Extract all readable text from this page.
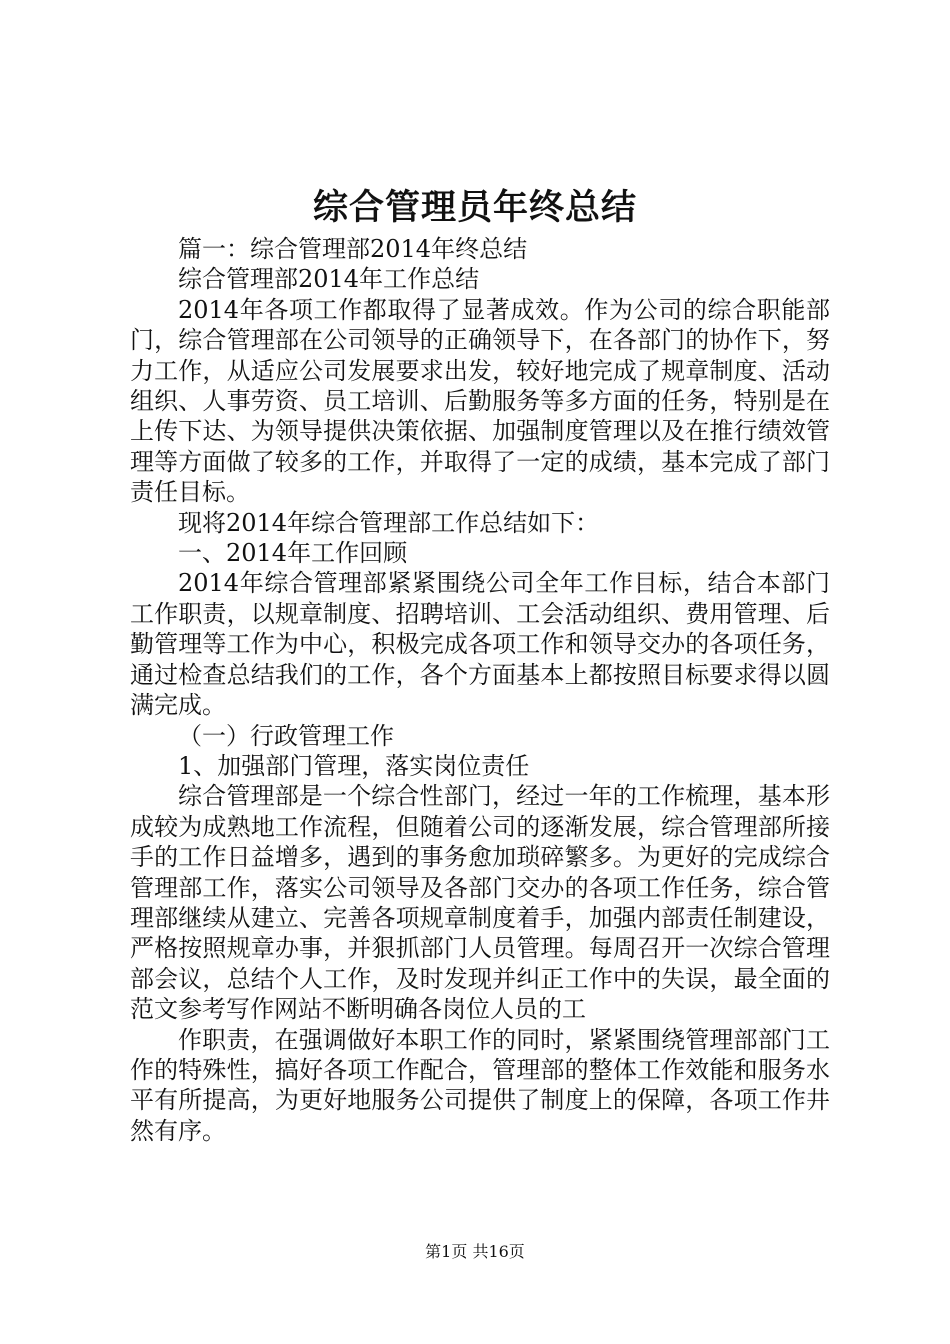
综合管理员年终总结

篇一：综合管理部2014年终总结

综合管理部2014年工作总结

2014年各项工作都取得了显著成效。作为公司的综合职能部门，综合管理部在公司领导的正确领导下，在各部门的协作下，努力工作，从适应公司发展要求出发，较好地完成了规章制度、活动组织、人事劳资、员工培训、后勤服务等多方面的任务，特别是在上传下达、为领导提供决策依据、加强制度管理以及在推行绩效管理等方面做了较多的工作，并取得了一定的成绩，基本完成了部门责任目标。

现将2014年综合管理部工作总结如下：

一、2014年工作回顾

2014年综合管理部紧紧围绕公司全年工作目标，结合本部门工作职责，以规章制度、招聘培训、工会活动组织、费用管理、后勤管理等工作为中心，积极完成各项工作和领导交办的各项任务，通过检查总结我们的工作，各个方面基本上都按照目标要求得以圆满完成。

（一）行政管理工作

1、加强部门管理，落实岗位责任

综合管理部是一个综合性部门，经过一年的工作梳理，基本形成较为成熟地工作流程，但随着公司的逐渐发展，综合管理部所接手的工作日益增多，遇到的事务愈加琐碎繁多。为更好的完成综合管理部工作，落实公司领导及各部门交办的各项工作任务，综合管理部继续从建立、完善各项规章制度着手，加强内部责任制建设，严格按照规章办事，并狠抓部门人员管理。每周召开一次综合管理部会议，总结个人工作，及时发现并纠正工作中的失误，最全面的范文参考写作网站不断明确各岗位人员的工

作职责，在强调做好本职工作的同时，紧紧围绕管理部部门工作的特殊性，搞好各项工作配合，管理部的整体工作效能和服务水平有所提高，为更好地服务公司提供了制度上的保障，各项工作井然有序。

第1页 共16页
